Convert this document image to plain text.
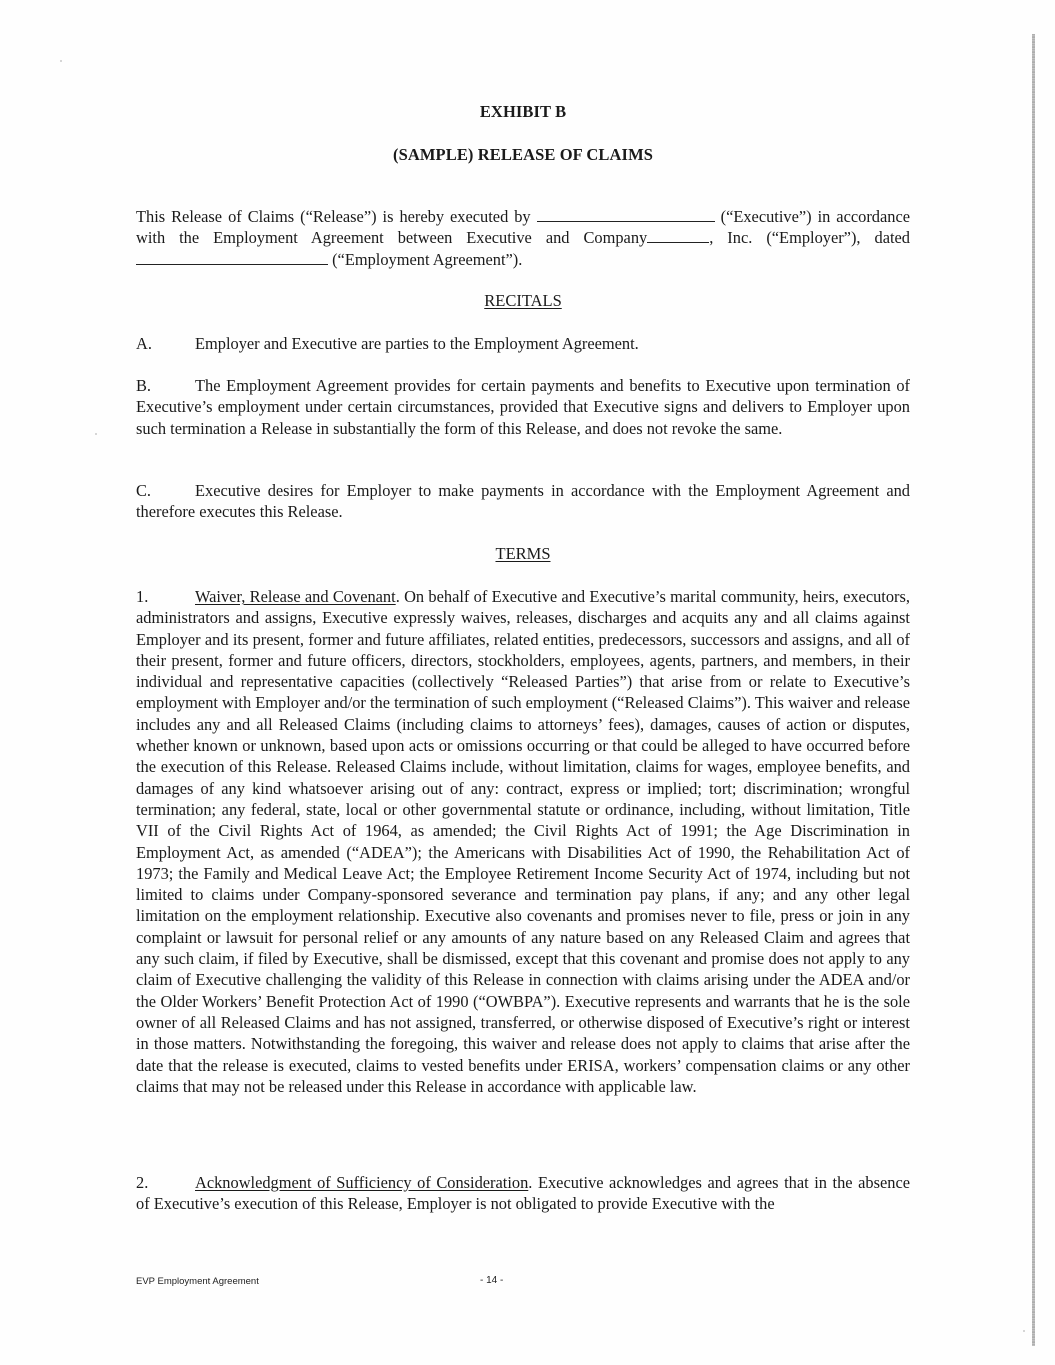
EXHIBIT B
(SAMPLE) RELEASE OF CLAIMS
This Release of Claims (“Release”) is hereby executed by	(“Executive”) in accordance with the Employment Agreement between Executive and Company	, Inc. (“Employer”), dated  (“Employment Agreement”).
RECITALS
A.	Employer and Executive are parties to the Employment Agreement.
B.	The Employment Agreement provides for certain payments and benefits to Executive upon termination of Executive’s employment under certain circumstances, provided that Executive signs and delivers to Employer upon such termination a Release in substantially the form of this Release, and does not revoke the same.
C.	Executive desires for Employer to make payments in accordance with the Employment Agreement and therefore executes this Release.
TERMS
1.	Waiver, Release and Covenant. On behalf of Executive and Executive’s marital community, heirs, executors, administrators and assigns, Executive expressly waives, releases, discharges and acquits any and all claims against Employer and its present, former and future affiliates, related entities, predecessors, successors and assigns, and all of their present, former and future officers, directors, stockholders, employees, agents, partners, and members, in their individual and representative capacities (collectively “Released Parties”) that arise from or relate to Executive’s employment with Employer and/or the termination of such employment (“Released Claims”). This waiver and release includes any and all Released Claims (including claims to attorneys’ fees), damages, causes of action or disputes, whether known or unknown, based upon acts or omissions occurring or that could be alleged to have occurred before the execution of this Release. Released Claims include, without limitation, claims for wages, employee benefits, and damages of any kind whatsoever arising out of any: contract, express or implied; tort; discrimination; wrongful termination; any federal, state, local or other governmental statute or ordinance, including, without limitation, Title VII of the Civil Rights Act of 1964, as amended; the Civil Rights Act of 1991; the Age Discrimination in Employment Act, as amended (“ADEA”); the Americans with Disabilities Act of 1990, the Rehabilitation Act of 1973; the Family and Medical Leave Act; the Employee Retirement Income Security Act of 1974, including but not limited to claims under Company-sponsored severance and termination pay plans, if any; and any other legal limitation on the employment relationship. Executive also covenants and promises never to file, press or join in any complaint or lawsuit for personal relief or any amounts of any nature based on any Released Claim and agrees that any such claim, if filed by Executive, shall be dismissed, except that this covenant and promise does not apply to any claim of Executive challenging the validity of this Release in connection with claims arising under the ADEA and/or the Older Workers’ Benefit Protection Act of 1990 (“OWBPA”). Executive represents and warrants that he is the sole owner of all Released Claims and has not assigned, transferred, or otherwise disposed of Executive’s right or interest in those matters. Notwithstanding the foregoing, this waiver and release does not apply to claims that arise after the date that the release is executed, claims to vested benefits under ERISA, workers’ compensation claims or any other claims that may not be released under this Release in accordance with applicable law.
2.	Acknowledgment of Sufficiency of Consideration. Executive acknowledges and agrees that in the absence of Executive’s execution of this Release, Employer is not obligated to provide Executive with the
EVP Employment Agreement	- 14 -
